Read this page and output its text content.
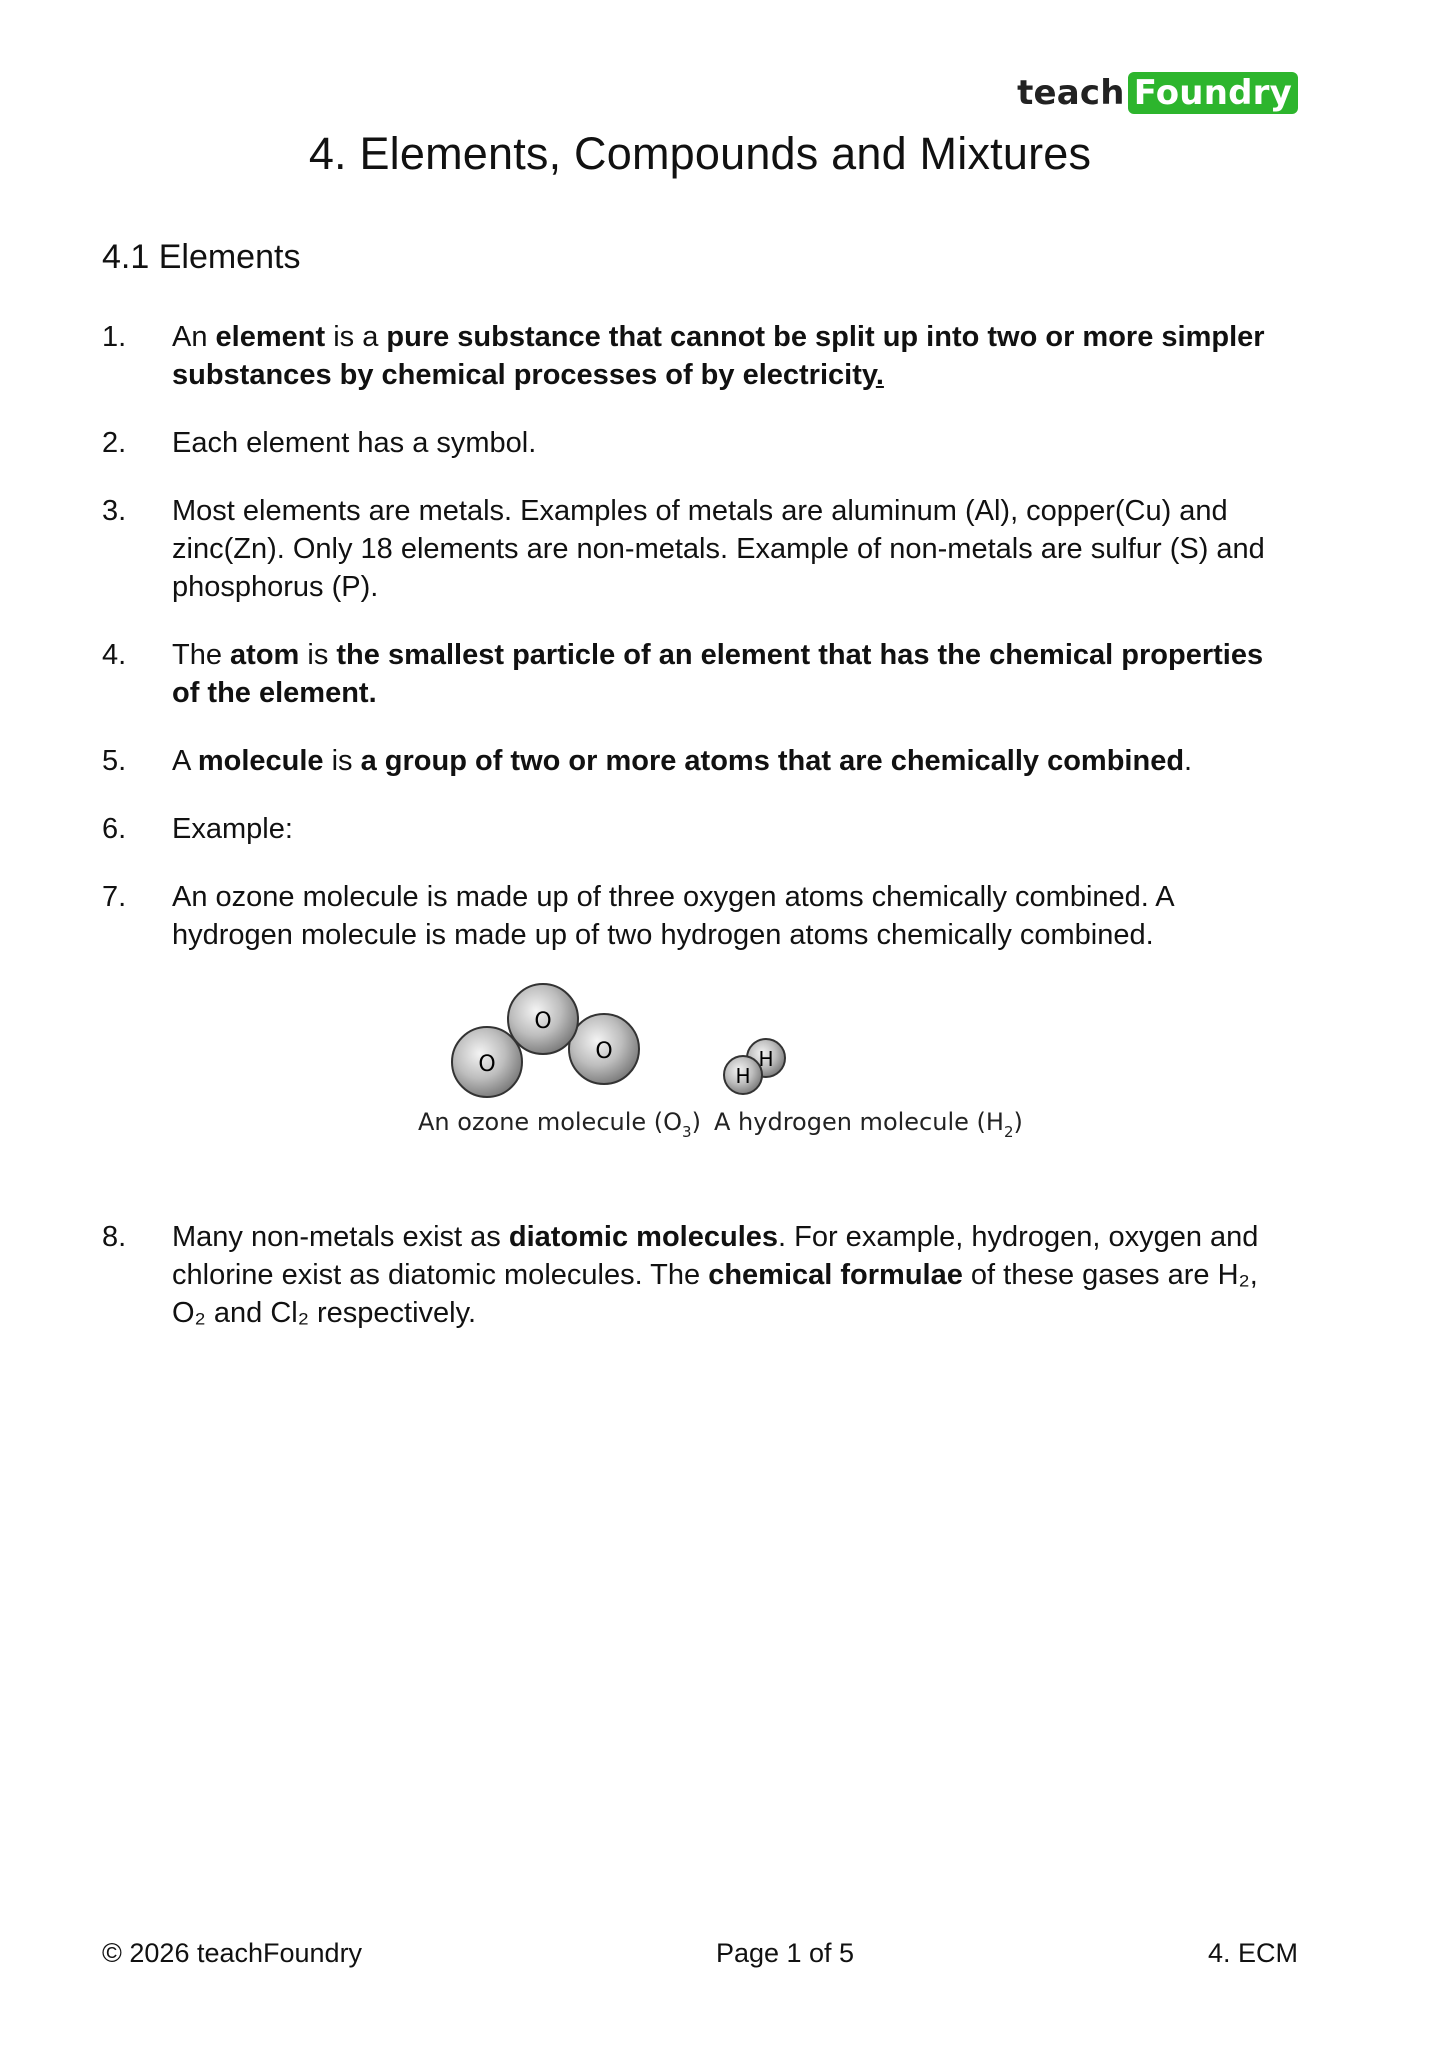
teach Foundry
4. Elements, Compounds and Mixtures
4.1 Elements
1.	An element is a pure substance that cannot be split up into two or more simpler substances by chemical processes of by electricity.
2.	Each element has a symbol.
3.	Most elements are metals. Examples of metals are aluminum (Al), copper(Cu) and zinc(Zn). Only 18 elements are non-metals. Example of non-metals are sulfur (S) and phosphorus (P).
4.	The atom is the smallest particle of an element that has the chemical properties of the element.
5.	A molecule is a group of two or more atoms that are chemically combined.
6.	Example:
7.	An ozone molecule is made up of three oxygen atoms chemically combined. A hydrogen molecule is made up of two hydrogen atoms chemically combined.
O
O
O
H
H
An ozone molecule $(O_3)$ A hydrogen molecule $(H_2)$
8.	Many non-metals exist as diatomic molecules. For example, hydrogen, oxygen and chlorine exist as diatomic molecules. The chemical formulae of these gases are H₂, O₂ and Cl₂ respectively.
© 2026 teachFoundry	Page 1 of 5	4. ECM
